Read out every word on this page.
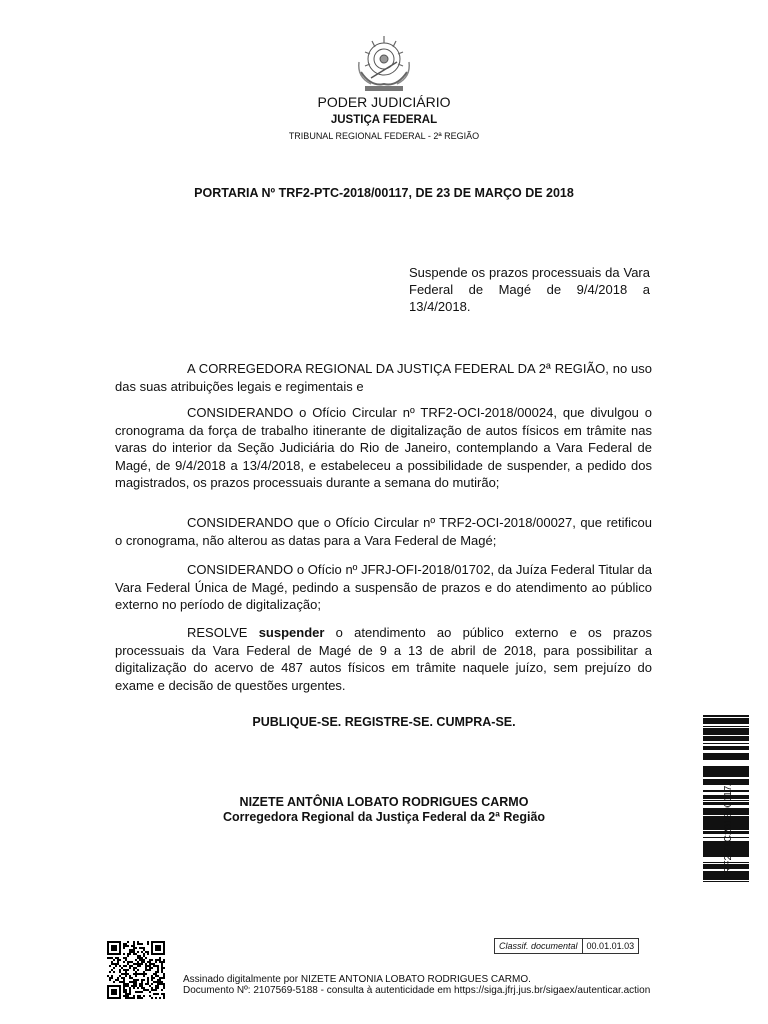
PODER JUDICIÁRIO
JUSTIÇA FEDERAL
TRIBUNAL REGIONAL FEDERAL - 2ª REGIÃO
PORTARIA Nº TRF2-PTC-2018/00117, DE 23 DE MARÇO DE 2018
Suspende os prazos processuais da Vara Federal de Magé de 9/4/2018 a 13/4/2018.

A CORREGEDORA REGIONAL DA JUSTIÇA FEDERAL DA 2ª REGIÃO, no uso das suas atribuições legais e regimentais e

CONSIDERANDO o Ofício Circular nº TRF2-OCI-2018/00024, que divulgou o cronograma da força de trabalho itinerante de digitalização de autos físicos em trâmite nas varas do interior da Seção Judiciária do Rio de Janeiro, contemplando a Vara Federal de Magé, de 9/4/2018 a 13/4/2018, e estabeleceu a possibilidade de suspender, a pedido dos magistrados, os prazos processuais durante a semana do mutirão;

CONSIDERANDO que o Ofício Circular nº TRF2-OCI-2018/00027, que retificou o cronograma, não alterou as datas para a Vara Federal de Magé;

CONSIDERANDO o Ofício nº JFRJ-OFI-2018/01702, da Juíza Federal Titular da Vara Federal Única de Magé, pedindo a suspensão de prazos e do atendimento ao público externo no período de digitalização;

RESOLVE suspender o atendimento ao público externo e os prazos processuais da Vara Federal de Magé de 9 a 13 de abril de 2018, para possibilitar a digitalização do acervo de 487 autos físicos em trâmite naquele juízo, sem prejuízo do exame e decisão de questões urgentes.

PUBLIQUE-SE. REGISTRE-SE. CUMPRA-SE.
NIZETE ANTÔNIA LOBATO RODRIGUES CARMO
Corregedora Regional da Justiça Federal da 2ª Região
Classif. documental	00.01.01.03
Assinado digitalmente por NIZETE ANTONIA LOBATO RODRIGUES CARMO.
Documento Nº: 2107569-5188 - consulta à autenticidade em https://siga.jfrj.jus.br/sigaex/autenticar.action
